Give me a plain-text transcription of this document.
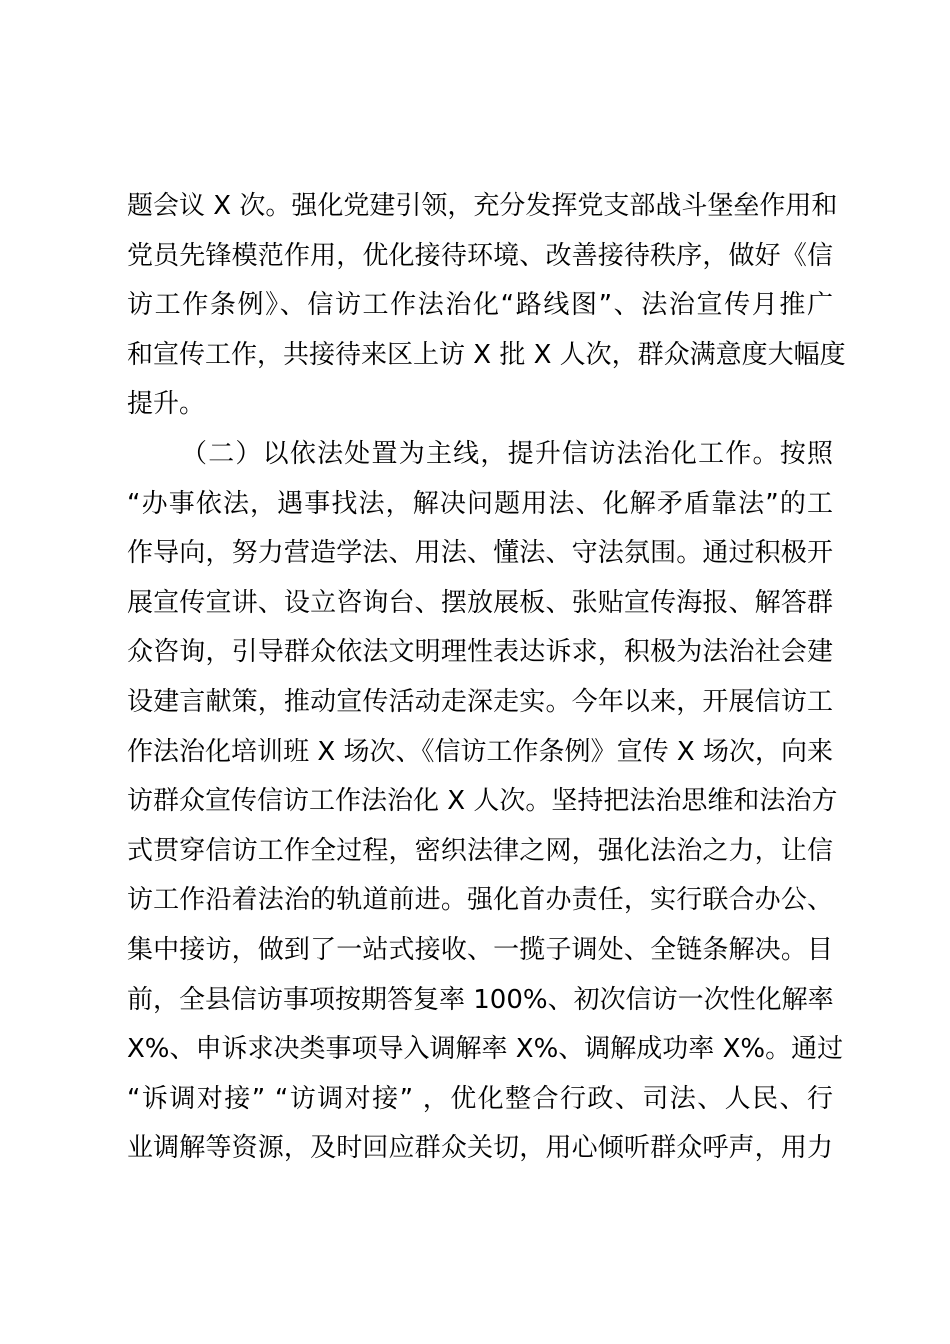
题会议 X 次。强化党建引领，充分发挥党支部战斗堡垒作用和
党员先锋模范作用，优化接待环境、改善接待秩序，做好《信
访工作条例》、信访工作法治化“路线图”、法治宣传月推广
和宣传工作，共接待来区上访 X 批 X 人次，群众满意度大幅度
提升。
（二）以依法处置为主线，提升信访法治化工作。按照
“办事依法，遇事找法，解决问题用法、化解矛盾靠法”的工
作导向，努力营造学法、用法、懂法、守法氛围。通过积极开
展宣传宣讲、设立咨询台、摆放展板、张贴宣传海报、解答群
众咨询，引导群众依法文明理性表达诉求，积极为法治社会建
设建言献策，推动宣传活动走深走实。今年以来，开展信访工
作法治化培训班 X 场次、《信访工作条例》宣传 X 场次，向来
访群众宣传信访工作法治化 X 人次。坚持把法治思维和法治方
式贯穿信访工作全过程，密织法律之网，强化法治之力，让信
访工作沿着法治的轨道前进。强化首办责任，实行联合办公、
集中接访，做到了一站式接收、一揽子调处、全链条解决。目
前，全县信访事项按期答复率 100%、初次信访一次性化解率
X%、申诉求决类事项导入调解率 X%、调解成功率 X%。通过
“诉调对接” “访调对接” ，优化整合行政、司法、人民、行
业调解等资源，及时回应群众关切，用心倾听群众呼声，用力
